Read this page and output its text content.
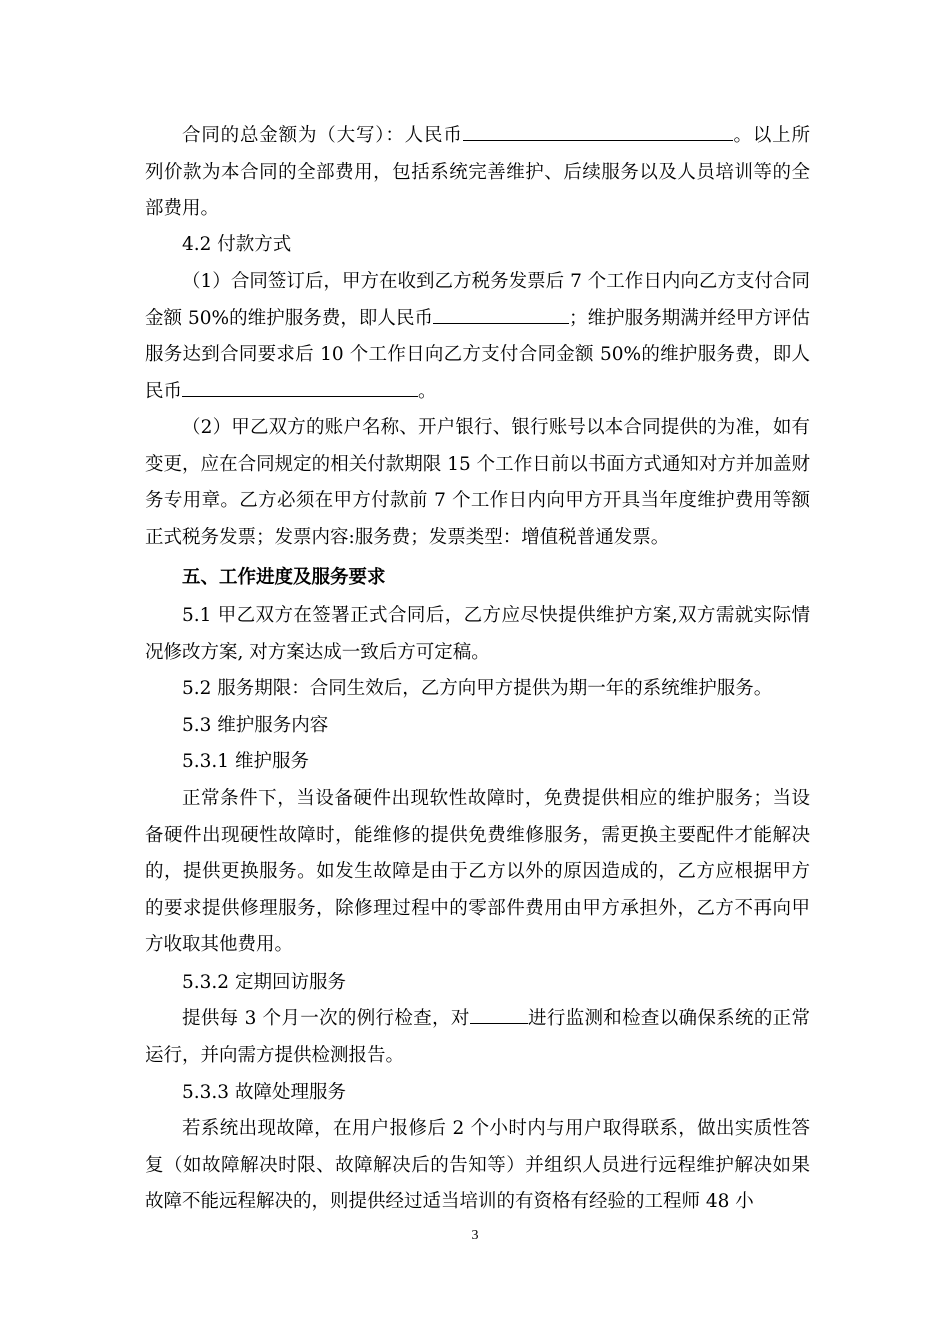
合同的总金额为（大写）：人民币	。以上所列价款为本合同的全部费用，包括系统完善维护、后续服务以及人员培训等的全部费用。

4.2 付款方式

（1）合同签订后，甲方在收到乙方税务发票后 7 个工作日内向乙方支付合同金额 50%的维护服务费，即人民币	；维护服务期满并经甲方评估服务达到合同要求后 10 个工作日向乙方支付合同金额 50%的维护服务费，即人民币	。

（2）甲乙双方的账户名称、开户银行、银行账号以本合同提供的为准，如有变更，应在合同规定的相关付款期限 15 个工作日前以书面方式通知对方并加盖财务专用章。乙方必须在甲方付款前 7 个工作日内向甲方开具当年度维护费用等额正式税务发票；发票内容:服务费；发票类型：增值税普通发票。

五、工作进度及服务要求

5.1 甲乙双方在签署正式合同后，乙方应尽快提供维护方案,双方需就实际情况修改方案, 对方案达成一致后方可定稿。

5.2 服务期限：合同生效后，乙方向甲方提供为期一年的系统维护服务。

5.3 维护服务内容

5.3.1 维护服务

正常条件下，当设备硬件出现软性故障时，免费提供相应的维护服务；当设备硬件出现硬性故障时，能维修的提供免费维修服务，需更换主要配件才能解决的，提供更换服务。如发生故障是由于乙方以外的原因造成的，乙方应根据甲方的要求提供修理服务，除修理过程中的零部件费用由甲方承担外，乙方不再向甲方收取其他费用。

5.3.2 定期回访服务

提供每 3 个月一次的例行检查，对	进行监测和检查以确保系统的正常运行，并向需方提供检测报告。

5.3.3 故障处理服务

若系统出现故障，在用户报修后 2 个小时内与用户取得联系，做出实质性答复（如故障解决时限、故障解决后的告知等）并组织人员进行远程维护解决如果故障不能远程解决的，则提供经过适当培训的有资格有经验的工程师 48 小

3
